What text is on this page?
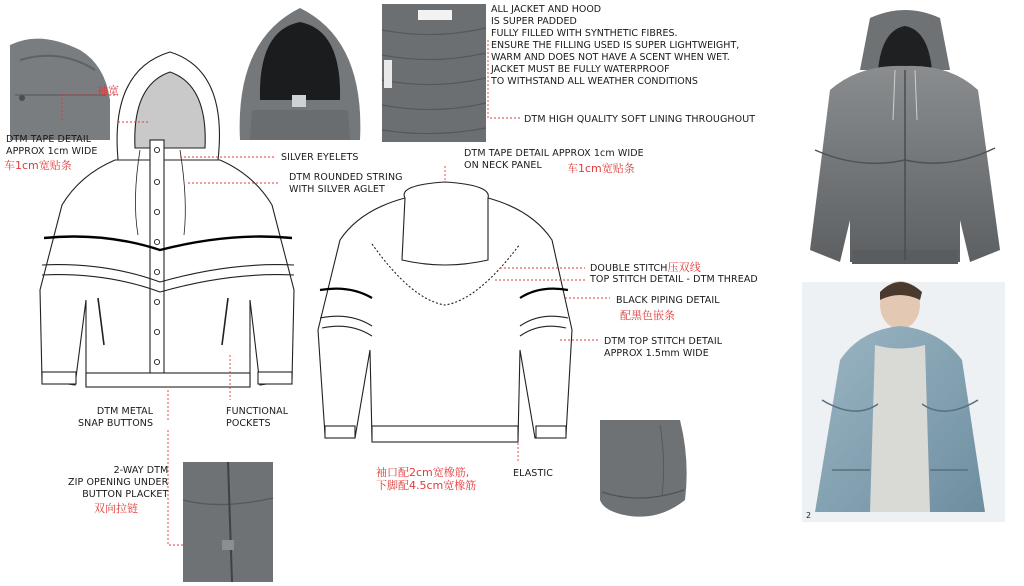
袖宽
DTM TAPE DETAIL
APPROX 1cm WIDE
车1cm宽贴条
SILVER EYELETS
DTM ROUNDED STRING
WITH SILVER AGLET
DTM METAL
SNAP BUTTONS
FUNCTIONAL
POCKETS
2-WAY DTM
ZIP OPENING UNDER
BUTTON PLACKET
双向拉链
ALL JACKET AND HOOD
IS SUPER PADDED
FULLY FILLED WITH SYNTHETIC FIBRES.
ENSURE THE FILLING USED IS SUPER LIGHTWEIGHT,
WARM AND DOES NOT HAVE A SCENT WHEN WET.
JACKET MUST BE FULLY WATERPROOF
TO WITHSTAND ALL WEATHER CONDITIONS
DTM HIGH QUALITY SOFT LINING THROUGHOUT
DTM TAPE DETAIL APPROX 1cm WIDE
ON NECK PANEL	车1cm宽贴条
DOUBLE STITCH压双线
TOP STITCH DETAIL - DTM THREAD
BLACK PIPING DETAIL
配黑色嵌条
DTM TOP STITCH DETAIL
APPROX 1.5mm WIDE
袖口配2cm宽橡筋,
下脚配4.5cm宽橡筋
ELASTIC
2
